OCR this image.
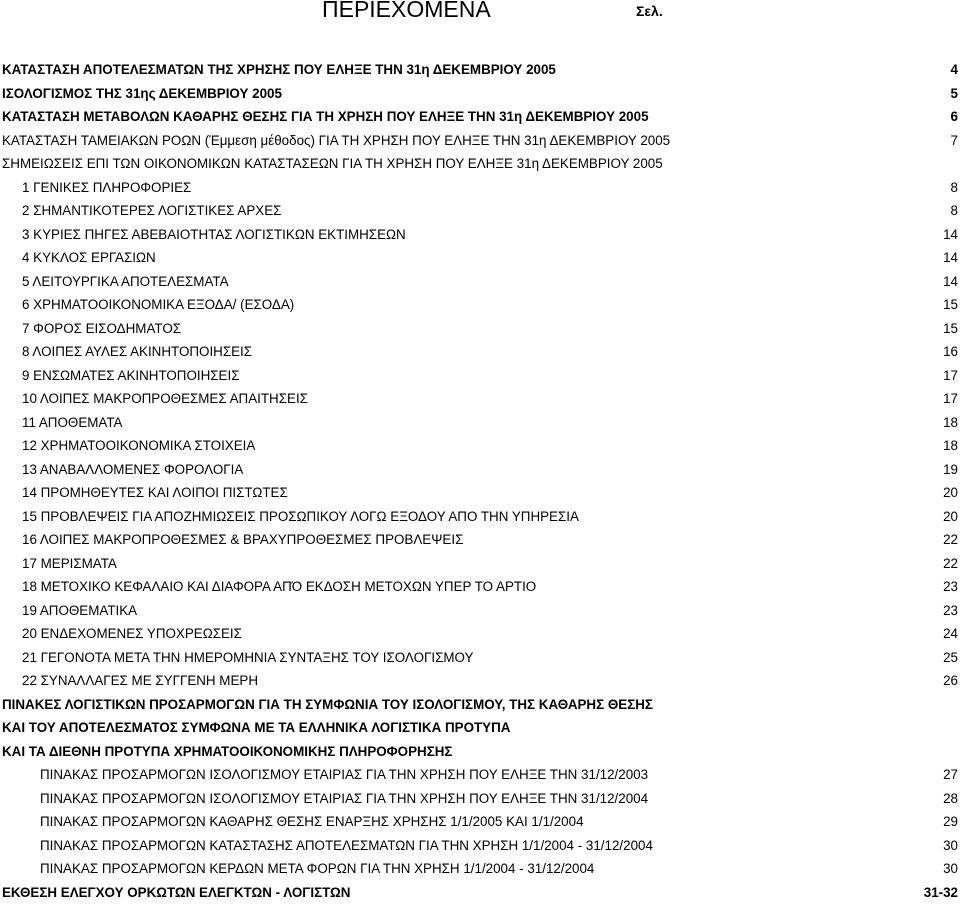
ΠΕΡΙΕΧΟΜΕΝΑ	Σελ.
ΚΑΤΑΣΤΑΣΗ ΑΠΟΤΕΛΕΣΜΑΤΩΝ ΤΗΣ ΧΡΗΣΗΣ ΠΟΥ ΕΛΗΞΕ ΤΗΝ 31η ΔΕΚΕΜΒΡΙΟΥ 2005	4
ΙΣΟΛΟΓΙΣΜΟΣ ΤΗΣ 31ης ΔΕΚΕΜΒΡΙΟΥ 2005	5
ΚΑΤΑΣΤΑΣΗ ΜΕΤΑΒΟΛΩΝ ΚΑΘΑΡΗΣ ΘΕΣΗΣ ΓΙΑ ΤΗ ΧΡΗΣΗ ΠΟΥ ΕΛΗΞΕ ΤΗΝ 31η ΔΕΚΕΜΒΡΙΟΥ 2005	6
ΚΑΤΑΣΤΑΣΗ ΤΑΜΕΙΑΚΩΝ ΡΟΩΝ (Έμμεση μέθοδος) ΓΙΑ ΤΗ ΧΡΗΣΗ ΠΟΥ ΕΛΗΞΕ ΤΗΝ 31η ΔΕΚΕΜΒΡΙΟΥ 2005	7
ΣΗΜΕΙΩΣΕΙΣ ΕΠΙ ΤΩΝ ΟΙΚΟΝΟΜΙΚΩΝ ΚΑΤΑΣΤΑΣΕΩΝ ΓΙΑ ΤΗ ΧΡΗΣΗ ΠΟΥ ΕΛΗΞΕ 31η ΔΕΚΕΜΒΡΙΟΥ 2005
1 ΓΕΝΙΚΕΣ ΠΛΗΡΟΦΟΡΙΕΣ	8
2 ΣΗΜΑΝΤΙΚΟΤΕΡΕΣ ΛΟΓΙΣΤΙΚΕΣ ΑΡΧΕΣ	8
3 ΚΥΡΙΕΣ ΠΗΓΕΣ ΑΒΕΒΑΙΟΤΗΤΑΣ ΛΟΓΙΣΤΙΚΩΝ ΕΚΤΙΜΗΣΕΩΝ	14
4 ΚΥΚΛΟΣ ΕΡΓΑΣΙΩΝ	14
5 ΛΕΙΤΟΥΡΓΙΚΑ ΑΠΟΤΕΛΕΣΜΑΤΑ	14
6 ΧΡΗΜΑΤΟΟΙΚΟΝΟΜΙΚΑ ΕΞΟΔΑ/ (ΕΣΟΔΑ)	15
7 ΦΟΡΟΣ ΕΙΣΟΔΗΜΑΤΟΣ	15
8 ΛΟΙΠΕΣ ΑΥΛΕΣ ΑΚΙΝΗΤΟΠΟΙΗΣΕΙΣ	16
9 ΕΝΣΩΜΑΤΕΣ ΑΚΙΝΗΤΟΠΟΙΗΣΕΙΣ	17
10 ΛΟΙΠΕΣ ΜΑΚΡΟΠΡΟΘΕΣΜΕΣ ΑΠΑΙΤΗΣΕΙΣ	17
11 ΑΠΟΘΕΜΑΤΑ	18
12 ΧΡΗΜΑΤΟΟΙΚΟΝΟΜΙΚΑ ΣΤΟΙΧΕΙΑ	18
13 ΑΝΑΒΑΛΛΟΜΕΝΕΣ ΦΟΡΟΛΟΓΙΑ	19
14 ΠΡΟΜΗΘΕΥΤΕΣ ΚΑΙ ΛΟΙΠΟΙ ΠΙΣΤΩΤΕΣ	20
15 ΠΡΟΒΛΕΨΕΙΣ ΓΙΑ ΑΠΟΖΗΜΙΩΣΕΙΣ ΠΡΟΣΩΠΙΚΟΥ ΛΟΓΩ ΕΞΟΔΟΥ ΑΠΟ ΤΗΝ ΥΠΗΡΕΣΙΑ	20
16 ΛΟΙΠΕΣ ΜΑΚΡΟΠΡΟΘΕΣΜΕΣ & ΒΡΑΧΥΠΡΟΘΕΣΜΕΣ ΠΡΟΒΛΕΨΕΙΣ	22
17 ΜΕΡΙΣΜΑΤΑ	22
18 ΜΕΤΟΧΙΚΟ ΚΕΦΑΛΑΙΟ ΚΑΙ ΔΙΑΦΟΡΑ ΑΠΌ ΕΚΔΟΣΗ ΜΕΤΟΧΩΝ ΥΠΕΡ ΤΟ ΑΡΤΙΟ	23
19 ΑΠΟΘΕΜΑΤΙΚΑ	23
20 ΕΝΔΕΧΟΜΕΝΕΣ ΥΠΟΧΡΕΩΣΕΙΣ	24
21 ΓΕΓΟΝΟΤΑ ΜΕΤΑ ΤΗΝ ΗΜΕΡΟΜΗΝΙΑ ΣΥΝΤΑΞΗΣ ΤΟΥ ΙΣΟΛΟΓΙΣΜΟΥ	25
22 ΣΥΝΑΛΛΑΓΕΣ ΜΕ ΣΥΓΓΕΝΗ ΜΕΡΗ	26
ΠΙΝΑΚΕΣ ΛΟΓΙΣΤΙΚΩΝ ΠΡΟΣΑΡΜΟΓΩΝ ΓΙΑ ΤΗ ΣΥΜΦΩΝΙΑ ΤΟΥ ΙΣΟΛΟΓΙΣΜΟΥ, ΤΗΣ ΚΑΘΑΡΗΣ ΘΕΣΗΣ
ΚΑΙ ΤΟΥ ΑΠΟΤΕΛΕΣΜΑΤΟΣ ΣΥΜΦΩΝΑ ΜΕ ΤΑ ΕΛΛΗΝΙΚΑ ΛΟΓΙΣΤΙΚΑ ΠΡΟΤΥΠΑ
ΚΑΙ ΤΑ ΔΙΕΘΝΗ ΠΡΟΤΥΠΑ ΧΡΗΜΑΤΟΟΙΚΟΝΟΜΙΚΗΣ ΠΛΗΡΟΦΟΡΗΣΗΣ
ΠΙΝΑΚΑΣ ΠΡΟΣΑΡΜΟΓΩΝ ΙΣΟΛΟΓΙΣΜΟΥ ΕΤΑΙΡΙΑΣ ΓΙΑ ΤΗΝ ΧΡΗΣΗ ΠΟΥ ΕΛΗΞΕ ΤΗΝ 31/12/2003	27
ΠΙΝΑΚΑΣ ΠΡΟΣΑΡΜΟΓΩΝ ΙΣΟΛΟΓΙΣΜΟΥ ΕΤΑΙΡΙΑΣ ΓΙΑ ΤΗΝ ΧΡΗΣΗ ΠΟΥ ΕΛΗΞΕ ΤΗΝ 31/12/2004	28
ΠΙΝΑΚΑΣ ΠΡΟΣΑΡΜΟΓΩΝ ΚΑΘΑΡΗΣ ΘΕΣΗΣ ΕΝΑΡΞΗΣ ΧΡΗΣΗΣ 1/1/2005 ΚΑΙ 1/1/2004	29
ΠΙΝΑΚΑΣ ΠΡΟΣΑΡΜΟΓΩΝ ΚΑΤΑΣΤΑΣΗΣ ΑΠΟΤΕΛΕΣΜΑΤΩΝ ΓΙΑ ΤΗΝ ΧΡΗΣΗ 1/1/2004 - 31/12/2004	30
ΠΙΝΑΚΑΣ ΠΡΟΣΑΡΜΟΓΩΝ ΚΕΡΔΩΝ ΜΕΤΑ ΦΟΡΩΝ ΓΙΑ ΤΗΝ ΧΡΗΣΗ 1/1/2004 - 31/12/2004	30
ΕΚΘΕΣΗ ΕΛΕΓΧΟΥ ΟΡΚΩΤΩΝ ΕΛΕΓΚΤΩΝ - ΛΟΓΙΣΤΩΝ	31-32
